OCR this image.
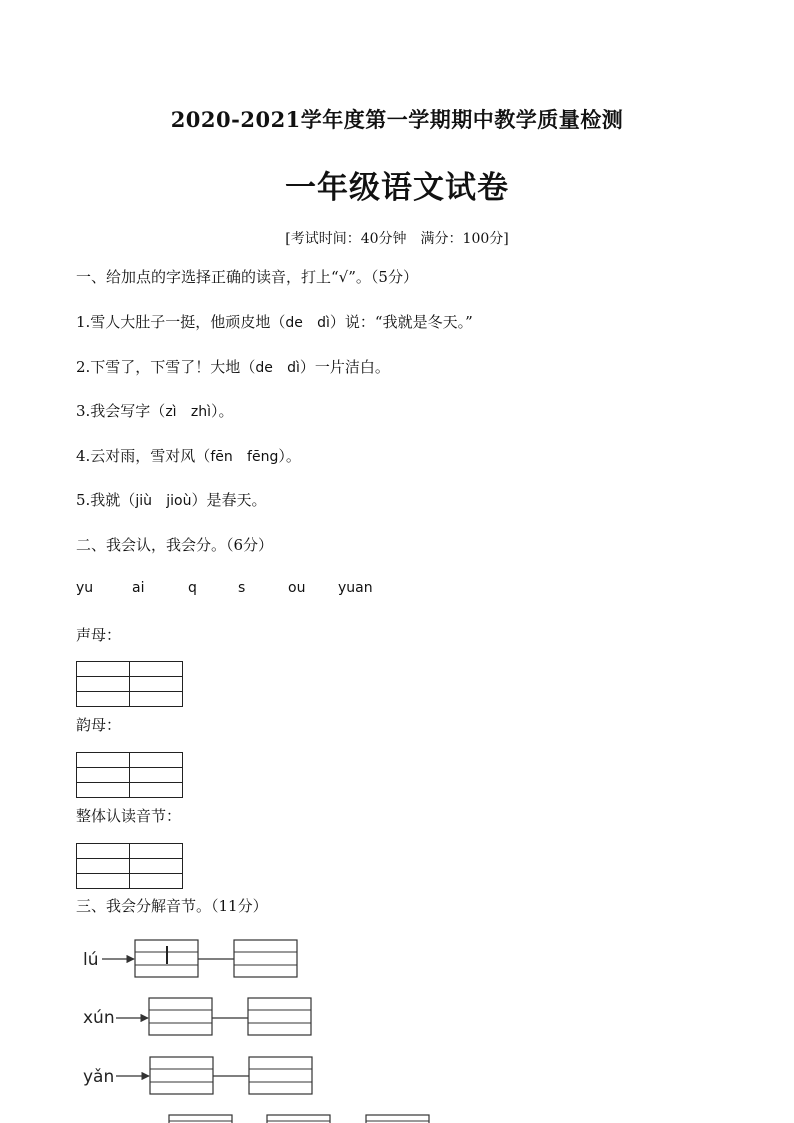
2020-2021学年度第一学期期中教学质量检测
一年级语文试卷
[考试时间：40分钟　满分：100分]
一、给加点的字选择正确的读音，打上“√”。（5分）
1.雪人大肚子一挺，他顽皮地（de dì）说：“我就是冬天。”
2.下雪了，下雪了！大地（de dì）一片洁白。
3.我会写字（zì zhì）。
4.云对雨，雪对风（fēn fēng）。
5.我就（jiù jioù）是春天。
二、我会认，我会分。（6分）
yu	ai	q	s	ou yuan
声母：

韵母：

整体认读音节：

三、我会分解音节。（11分）
lú
xún
yǎn
